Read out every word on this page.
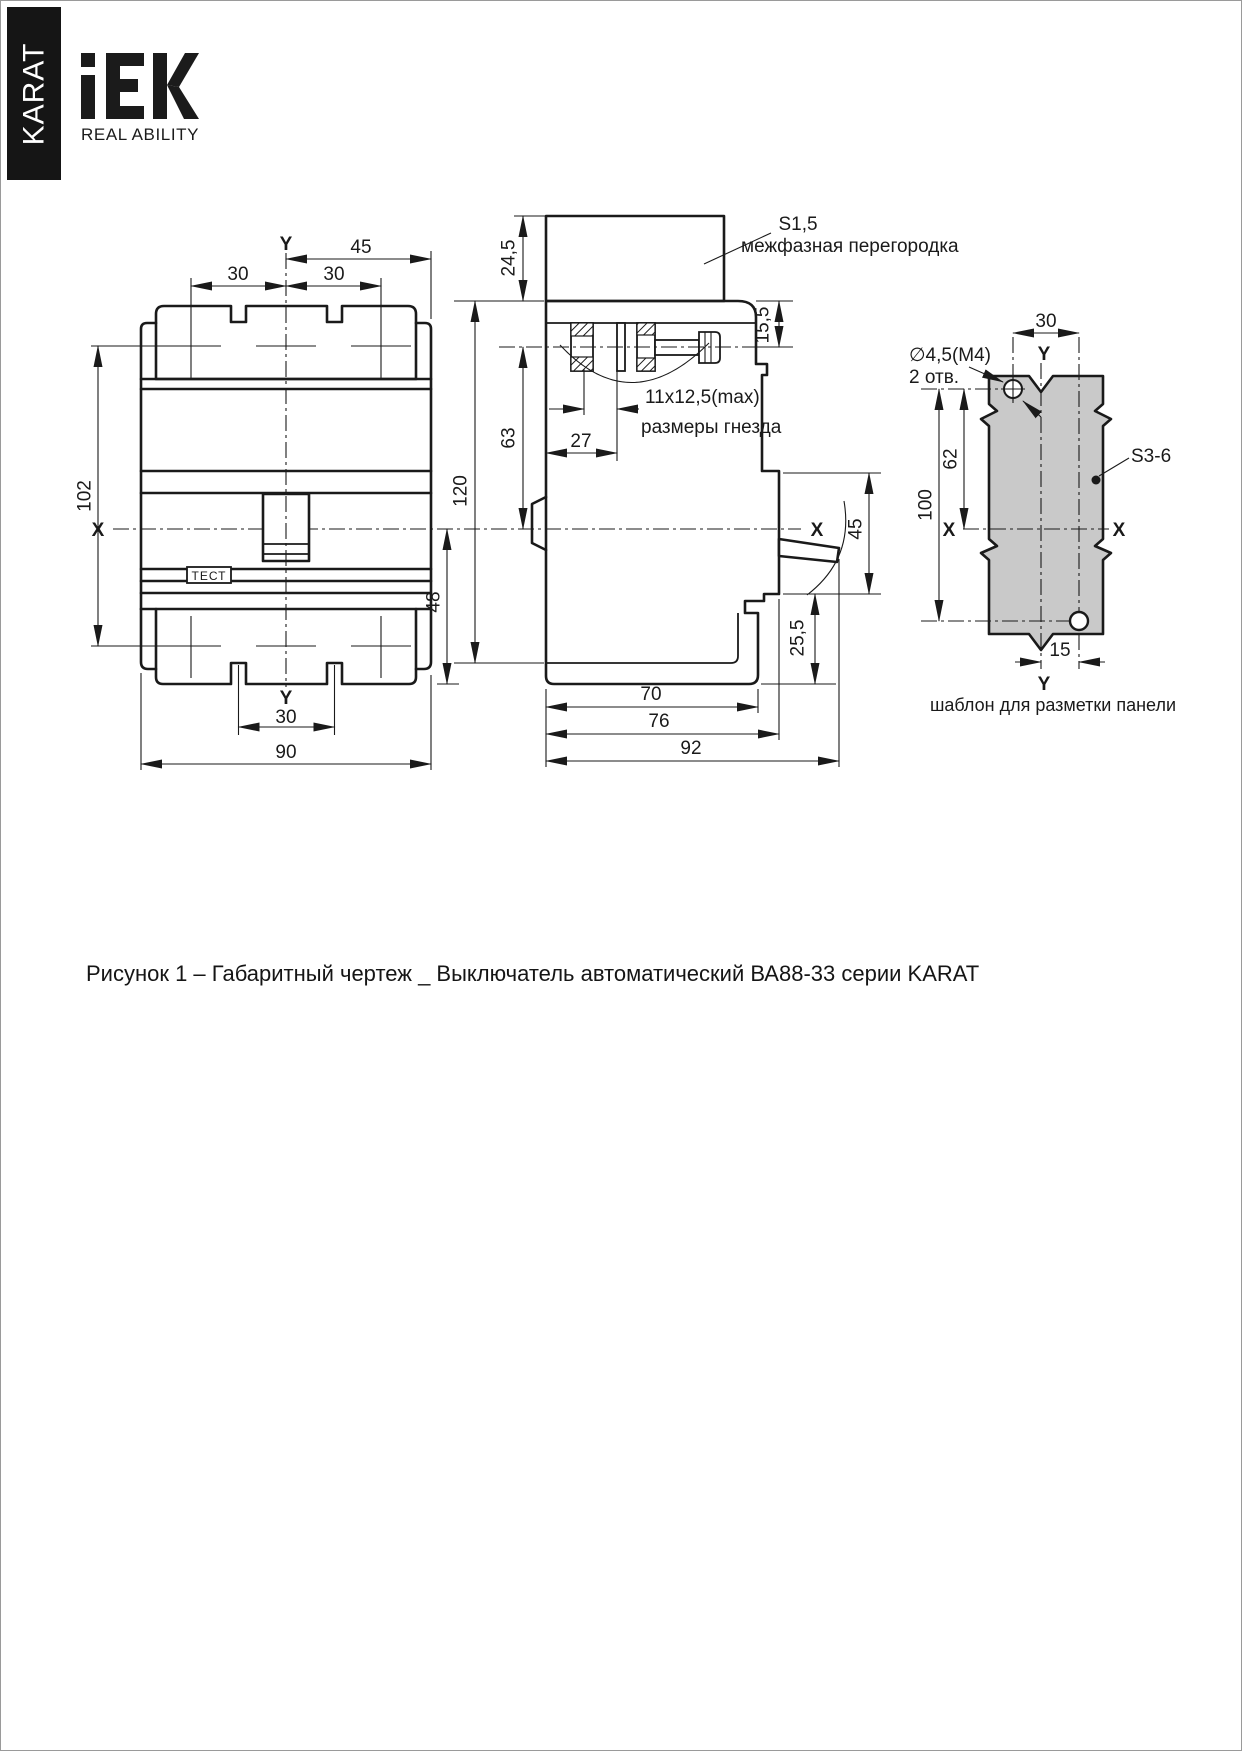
KARAT REAL ABILITY
ТЕСТ
Y	45
30	30
102
X
48
Y
30
90
S1,5
межфазная перегородка
24,5
15,5
11x12,5(max)
размеры гнезда
27
63
120
X 45
25,5
70
76
92
30
Y
∅4,5(M4)
2 отв.
62
100
S3-6
X	X
15
Y
шаблон для разметки панели
Рисунок 1 – Габаритный чертеж _ Выключатель автоматический ВА88-33 серии KARAT
